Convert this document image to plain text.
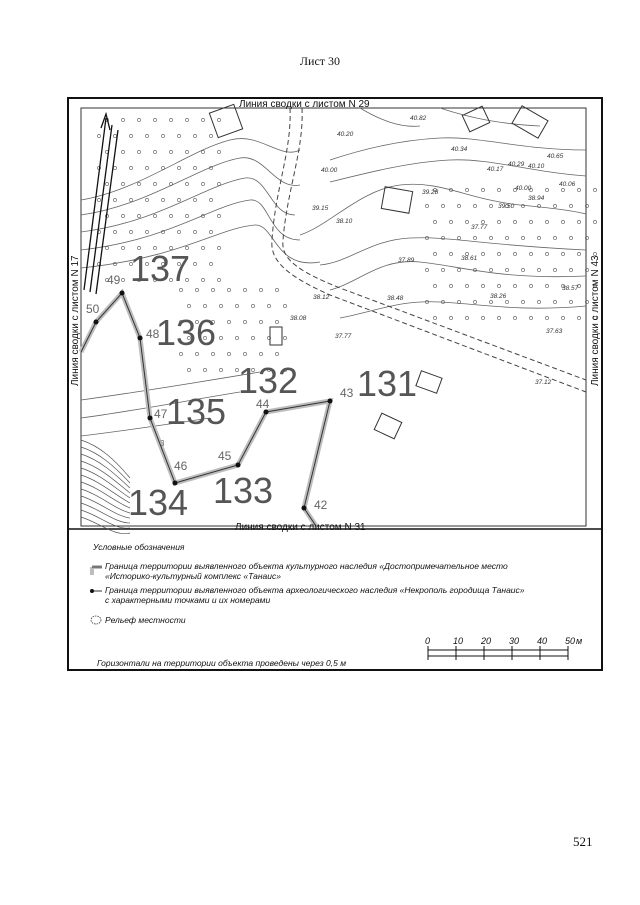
Лист 30
137
136
132 131
135
133
134
49
50
48
47
46
45
44
43
42
3
40.82
40.20
40.34
40.65
40.17
40.29 40.10
40.00
40.06
39.28
40.00
39.15	39.50
38.94
38.10
37.77
37.89	38.61
38.12	38.48	38.26
38.57
38.08
37.77
37.63
37.12
Линия сводки с листом N 29
Линия сводки с листом N 31
Линия сводки с листом N 17	Линия сводки с листом N 43
Условные обозначения
Граница территории выявленного объекта культурного наследия «Достопримечательное место
«Историко-культурный комплекс «Танаис»
Граница территории выявленного объекта археологического наследия «Некрополь городища Танаис»
с характерными точками и их номерами
Рельеф местности
Горизонтали на территории объекта проведены через 0,5 м
0	10 20 30 40 50 м
521
